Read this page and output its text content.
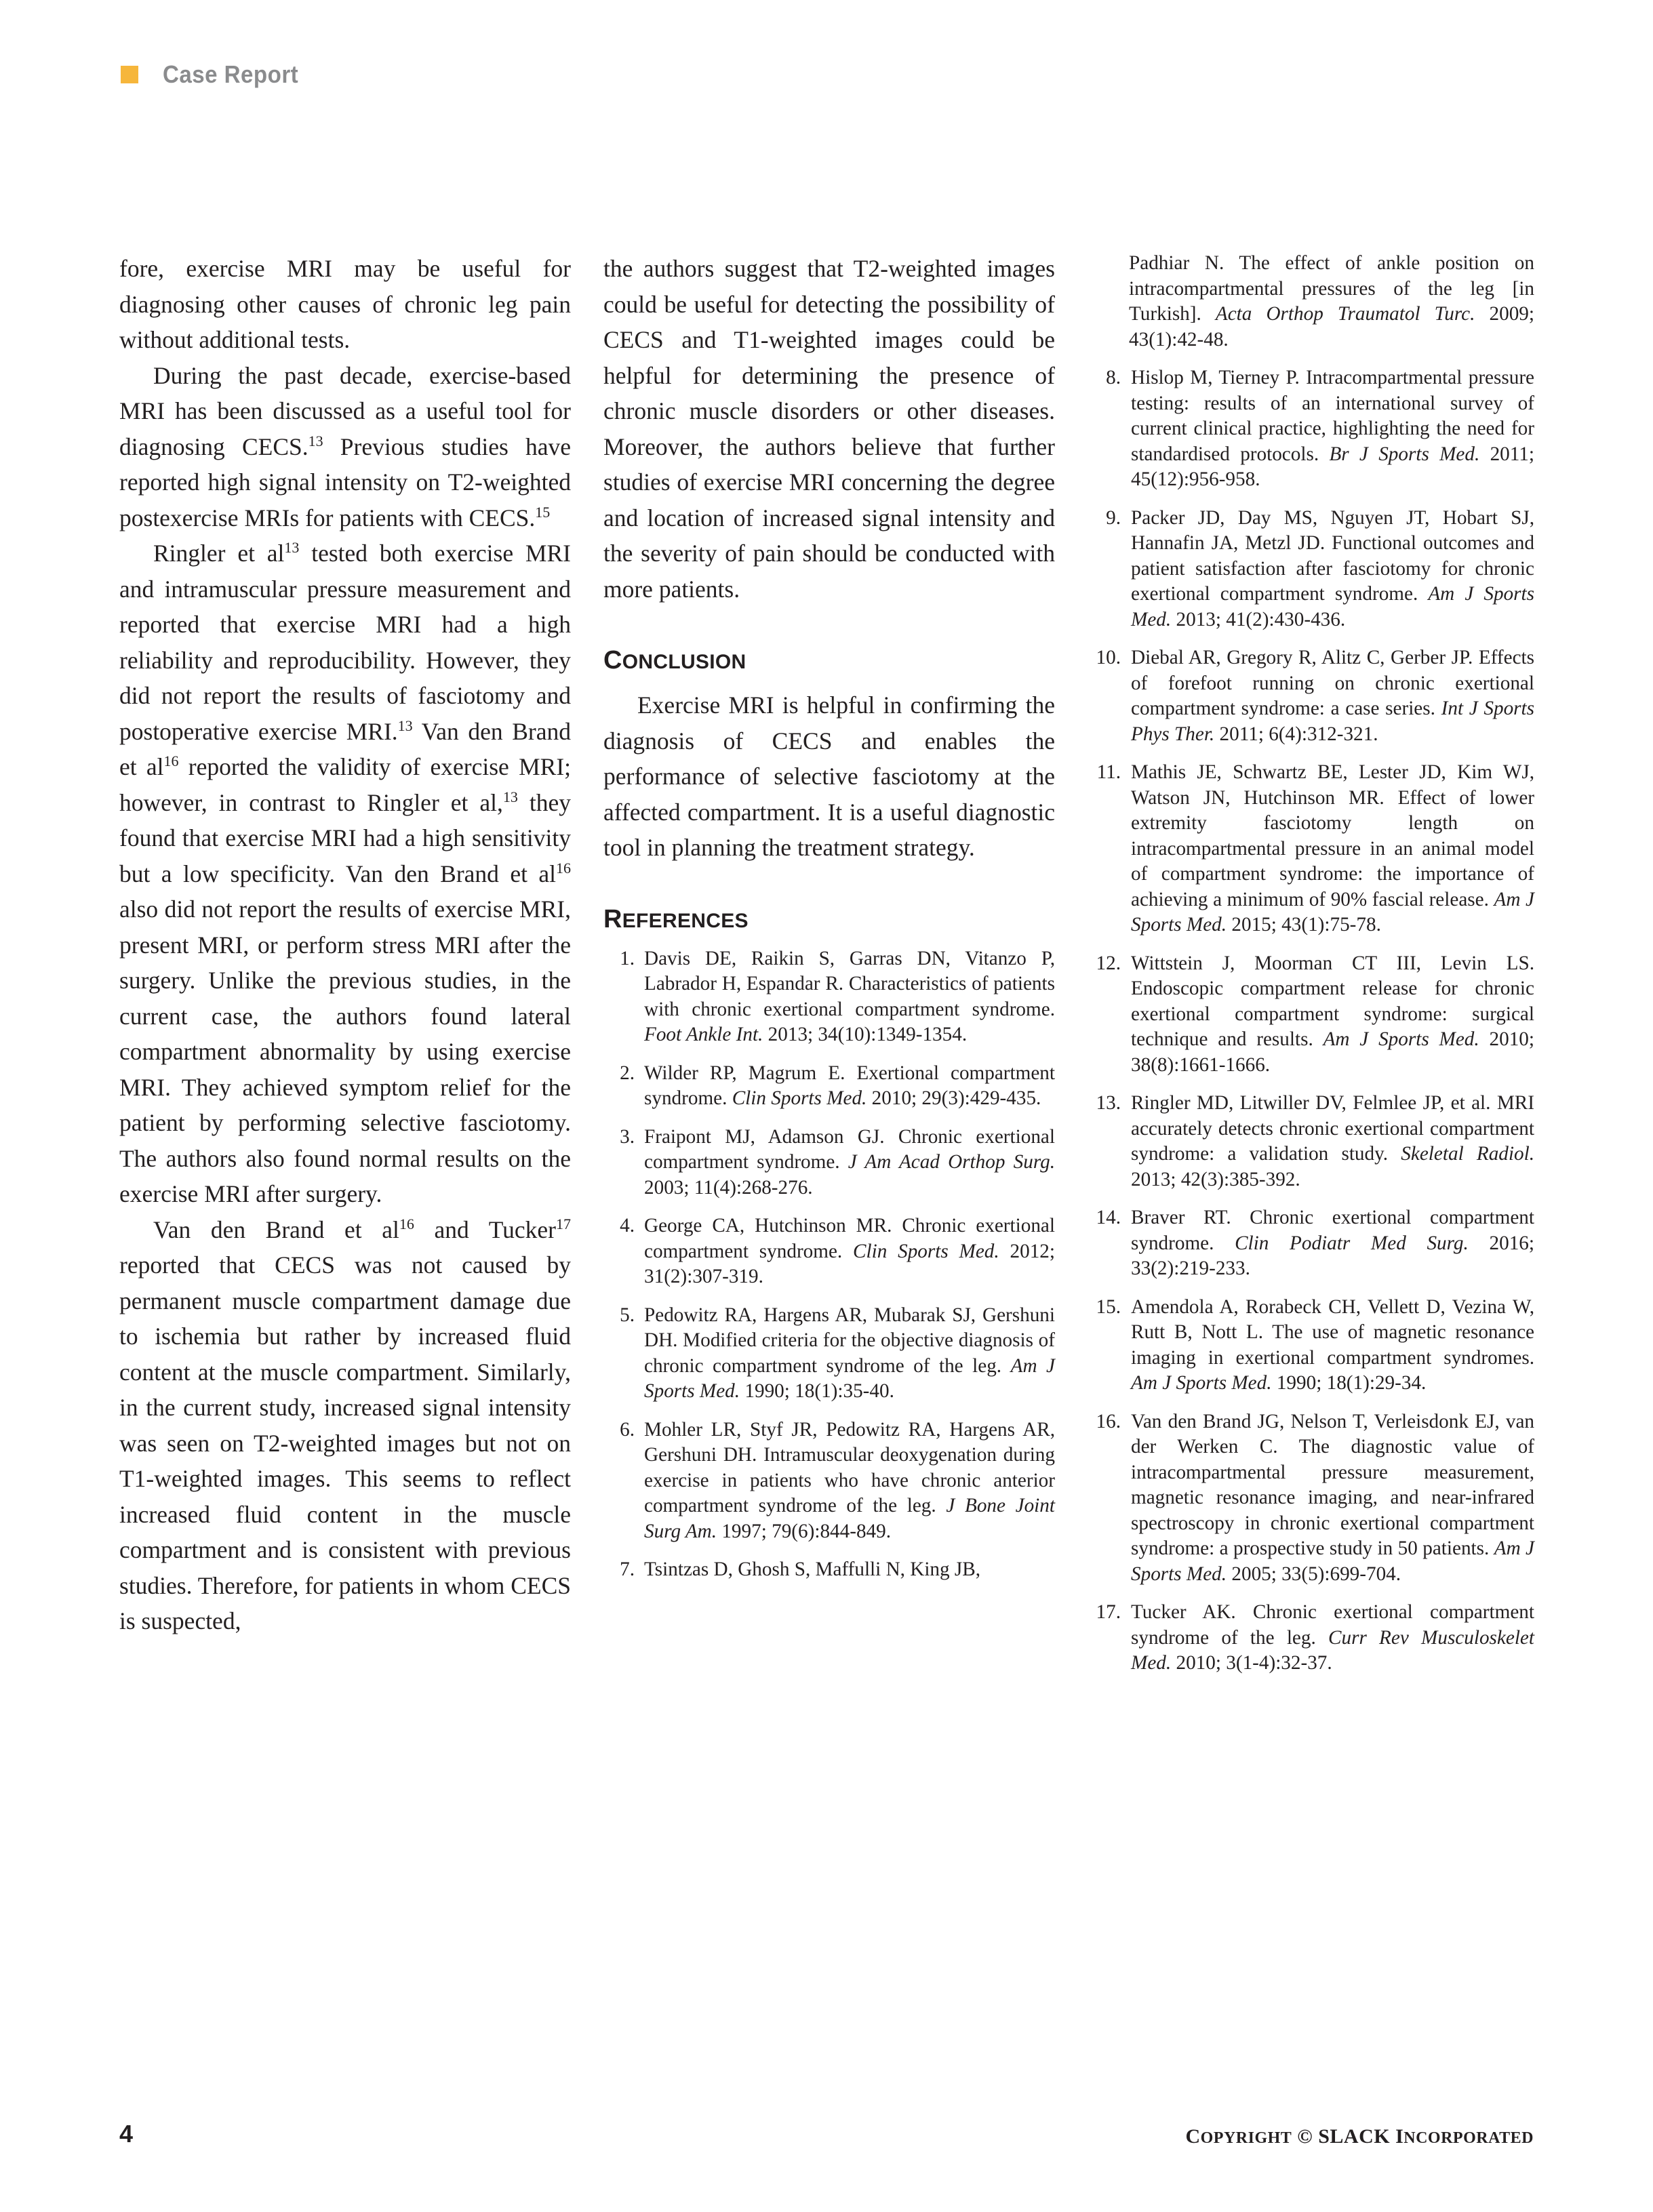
Case Report

fore, exercise MRI may be useful for diagnosing other causes of chronic leg pain without additional tests.

During the past decade, exercise-based MRI has been discussed as a useful tool for diagnosing CECS.$^{13}$ Previous studies have reported high signal intensity on T2-weighted postexercise MRIs for patients with CECS.$^{15}$

Ringler et $al^{13}$ tested both exercise MRI and intramuscular pressure measurement and reported that exercise MRI had a high reliability and reproducibility. However, they did not report the results of fasciotomy and postoperative exercise MRI.$^{13}$ Van den Brand et $al^{16}$ reported the validity of exercise MRI; however, in contrast to Ringler et al,$^{13}$ they found that exercise MRI had a high sensitivity but a low specificity. Van den Brand et $al^{16}$ also did not report the results of exercise MRI, present MRI, or perform stress MRI after the surgery. Unlike the previous studies, in the current case, the authors found lateral compartment abnormality by using exercise MRI. They achieved symptom relief for the patient by performing selective fasciotomy. The authors also found normal results on the exercise MRI after surgery.

Van den Brand et $al^{16}$ and Tucker$^{17}$ reported that CECS was not caused by permanent muscle compartment damage due to ischemia but rather by increased fluid content at the muscle compartment. Similarly, in the current study, increased signal intensity was seen on T2-weighted images but not on T1-weighted images. This seems to reflect increased fluid content in the muscle compartment and is consistent with previous studies. Therefore, for patients in whom CECS is suspected,

the authors suggest that T2-weighted images could be useful for detecting the possibility of CECS and T1-weighted images could be helpful for determining the presence of chronic muscle disorders or other diseases. Moreover, the authors believe that further studies of exercise MRI concerning the degree and location of increased signal intensity and the severity of pain should be conducted with more patients.

CONCLUSION

Exercise MRI is helpful in confirming the diagnosis of CECS and enables the performance of selective fasciotomy at the affected compartment. It is a useful diagnostic tool in planning the treatment strategy.

REFERENCES
1. Davis DE, Raikin S, Garras DN, Vitanzo P, Labrador H, Espandar R. Characteristics of patients with chronic exertional compartment syndrome. Foot Ankle Int. 2013; 34(10):1349-1354.
2. Wilder RP, Magrum E. Exertional compartment syndrome. Clin Sports Med. 2010; 29(3):429-435.
3. Fraipont MJ, Adamson GJ. Chronic exertional compartment syndrome. J Am Acad Orthop Surg. 2003; 11(4):268-276.
4. George CA, Hutchinson MR. Chronic exertional compartment syndrome. Clin Sports Med. 2012; 31(2):307-319.
5. Pedowitz RA, Hargens AR, Mubarak SJ, Gershuni DH. Modified criteria for the objective diagnosis of chronic compartment syndrome of the leg. Am J Sports Med. 1990; 18(1):35-40.
6. Mohler LR, Styf JR, Pedowitz RA, Hargens AR, Gershuni DH. Intramuscular deoxygenation during exercise in patients who have chronic anterior compartment syndrome of the leg. J Bone Joint Surg Am. 1997; 79(6):844-849.
7. Tsintzas D, Ghosh S, Maffulli N, King JB,
Padhiar N. The effect of ankle position on intracompartmental pressures of the leg [in Turkish]. Acta Orthop Traumatol Turc. 2009; 43(1):42-48.
8. Hislop M, Tierney P. Intracompartmental pressure testing: results of an international survey of current clinical practice, highlighting the need for standardised protocols. Br J Sports Med. 2011; 45(12):956-958.
9. Packer JD, Day MS, Nguyen JT, Hobart SJ, Hannafin JA, Metzl JD. Functional outcomes and patient satisfaction after fasciotomy for chronic exertional compartment syndrome. Am J Sports Med. 2013; 41(2):430-436.
10. Diebal AR, Gregory R, Alitz C, Gerber JP. Effects of forefoot running on chronic exertional compartment syndrome: a case series. Int J Sports Phys Ther. 2011; 6(4):312-321.
11. Mathis JE, Schwartz BE, Lester JD, Kim WJ, Watson JN, Hutchinson MR. Effect of lower extremity fasciotomy length on intracompartmental pressure in an animal model of compartment syndrome: the importance of achieving a minimum of 90% fascial release. Am J Sports Med. 2015; 43(1):75-78.
12. Wittstein J, Moorman CT III, Levin LS. Endoscopic compartment release for chronic exertional compartment syndrome: surgical technique and results. Am J Sports Med. 2010; 38(8):1661-1666.
13. Ringler MD, Litwiller DV, Felmlee JP, et al. MRI accurately detects chronic exertional compartment syndrome: a validation study. Skeletal Radiol. 2013; 42(3):385-392.
14. Braver RT. Chronic exertional compartment syndrome. Clin Podiatr Med Surg. 2016; 33(2):219-233.
15. Amendola A, Rorabeck CH, Vellett D, Vezina W, Rutt B, Nott L. The use of magnetic resonance imaging in exertional compartment syndromes. Am J Sports Med. 1990; 18(1):29-34.
16. Van den Brand JG, Nelson T, Verleisdonk EJ, van der Werken C. The diagnostic value of intracompartmental pressure measurement, magnetic resonance imaging, and near-infrared spectroscopy in chronic exertional compartment syndrome: a prospective study in 50 patients. Am J Sports Med. 2005; 33(5):699-704.
17. Tucker AK. Chronic exertional compartment syndrome of the leg. Curr Rev Musculoskelet Med. 2010; 3(1-4):32-37.
4	COPYRIGHT © SLACK INCORPORATED
